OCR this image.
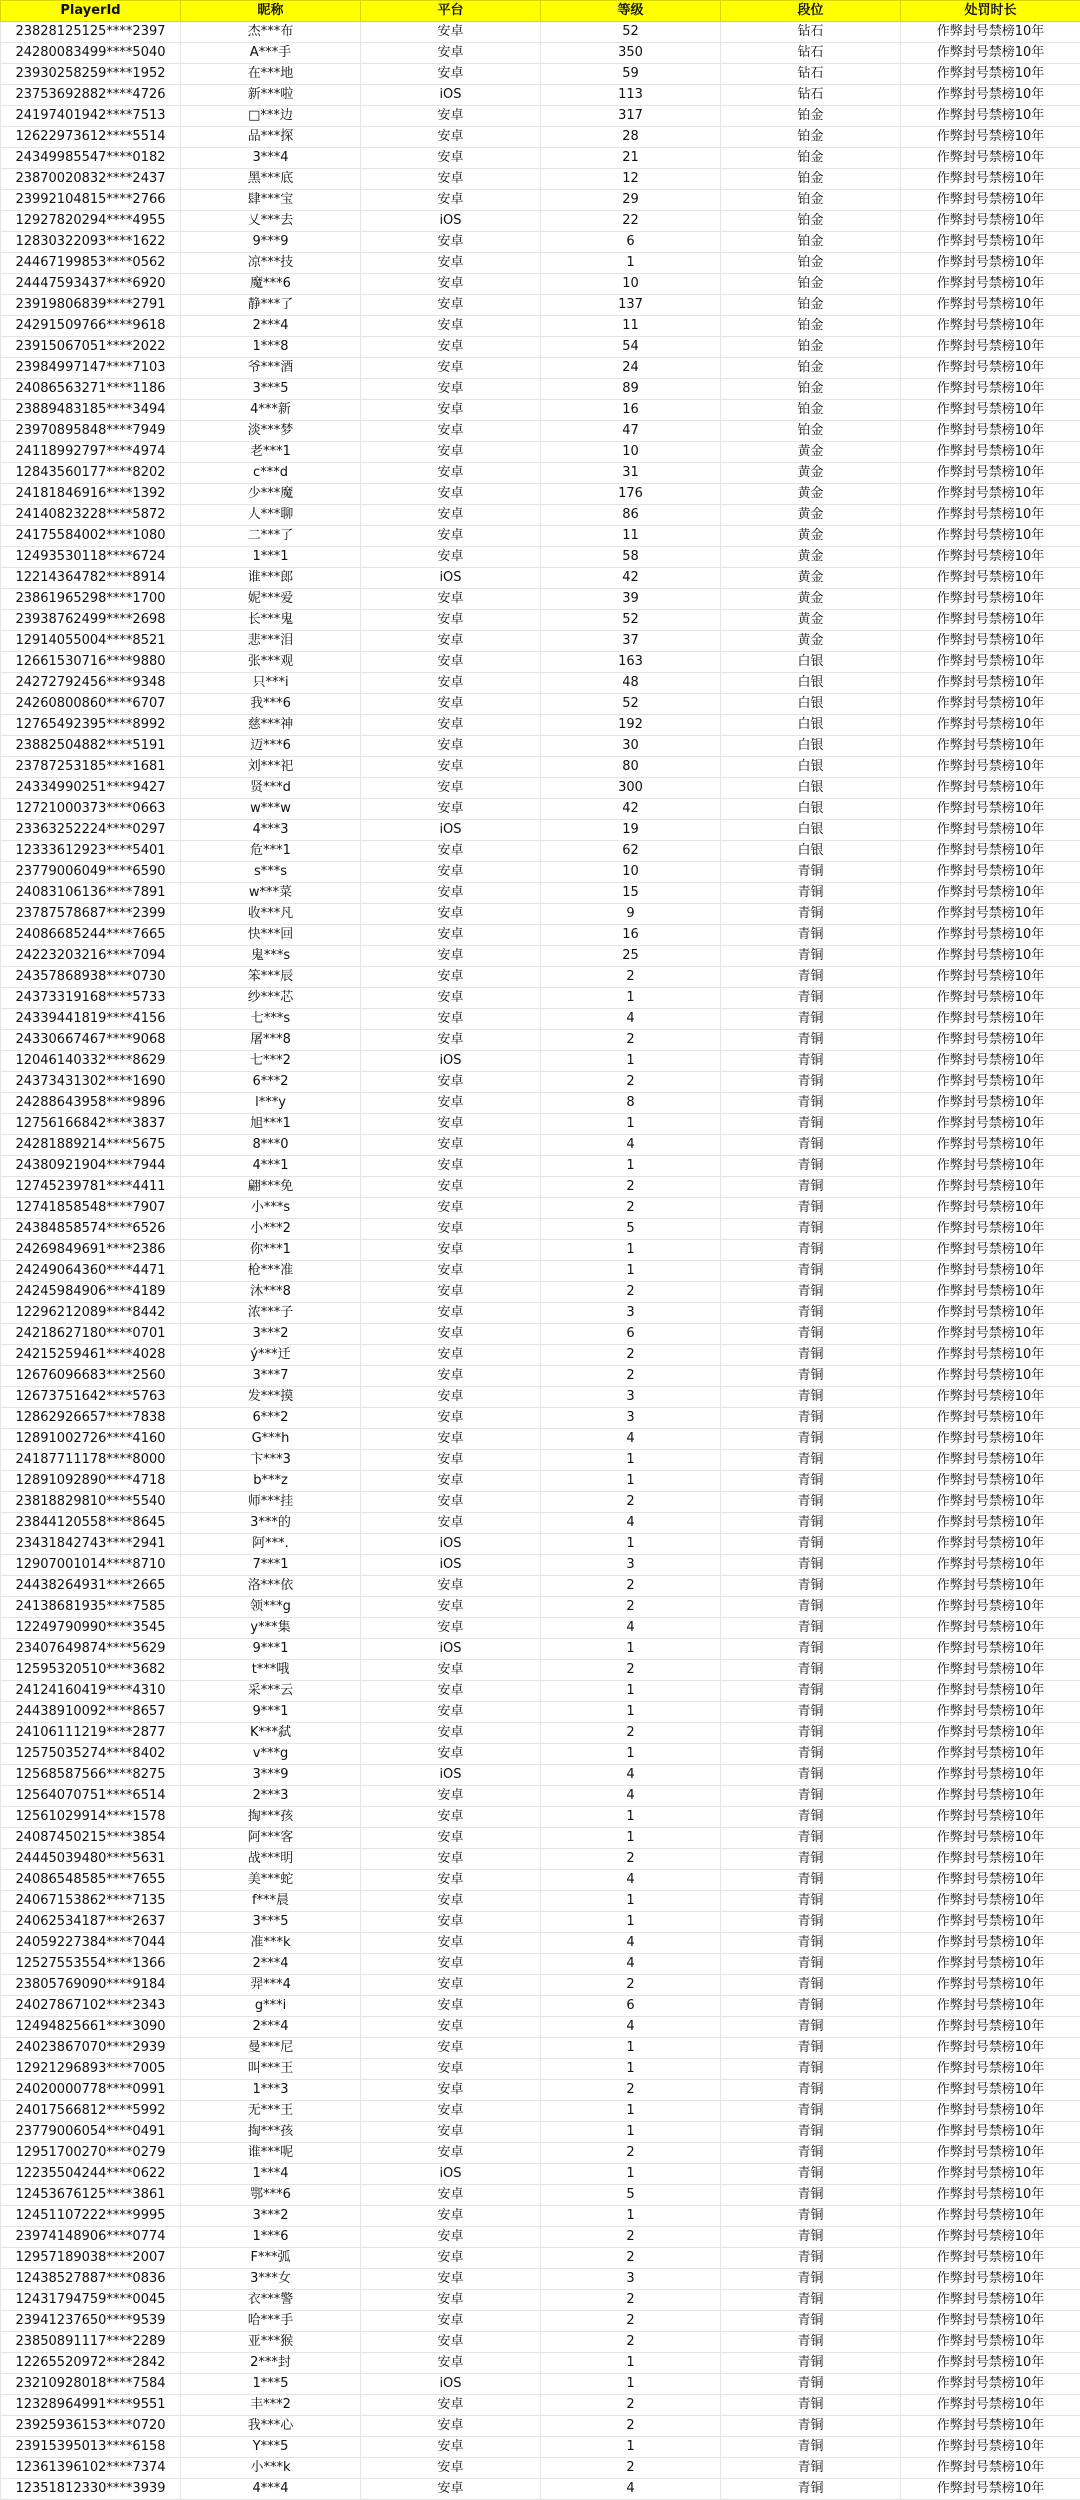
PlayerId	昵称	平台	等级	段位	处罚时长
23828125125****2397	杰***布	安卓	52	钻石	作弊封号禁榜10年
24280083499****5040	A***手	安卓	350	钻石	作弊封号禁榜10年
23930258259****1952	在***地	安卓	59	钻石	作弊封号禁榜10年
23753692882****4726	新***啦	iOS	113	钻石	作弊封号禁榜10年
24197401942****7513	□***边	安卓	317	铂金	作弊封号禁榜10年
12622973612****5514	品***探	安卓	28	铂金	作弊封号禁榜10年
24349985547****0182	3***4	安卓	21	铂金	作弊封号禁榜10年
23870020832****2437	黑***底	安卓	12	铂金	作弊封号禁榜10年
23992104815****2766	肆***宝	安卓	29	铂金	作弊封号禁榜10年
12927820294****4955	乂***去	iOS	22	铂金	作弊封号禁榜10年
12830322093****1622	9***9	安卓	6	铂金	作弊封号禁榜10年
24467199853****0562	凉***技	安卓	1	铂金	作弊封号禁榜10年
24447593437****6920	魔***6	安卓	10	铂金	作弊封号禁榜10年
23919806839****2791	静***了	安卓	137	铂金	作弊封号禁榜10年
24291509766****9618	2***4	安卓	11	铂金	作弊封号禁榜10年
23915067051****2022	1***8	安卓	54	铂金	作弊封号禁榜10年
23984997147****7103	爷***酒	安卓	24	铂金	作弊封号禁榜10年
24086563271****1186	3***5	安卓	89	铂金	作弊封号禁榜10年
23889483185****3494	4***新	安卓	16	铂金	作弊封号禁榜10年
23970895848****7949	淡***梦	安卓	47	铂金	作弊封号禁榜10年
24118992797****4974	老***1	安卓	10	黄金	作弊封号禁榜10年
12843560177****8202	c***d	安卓	31	黄金	作弊封号禁榜10年
24181846916****1392	少***魔	安卓	176	黄金	作弊封号禁榜10年
24140823228****5872	人***聊	安卓	86	黄金	作弊封号禁榜10年
24175584002****1080	二***了	安卓	11	黄金	作弊封号禁榜10年
12493530118****6724	1***1	安卓	58	黄金	作弊封号禁榜10年
12214364782****8914	谁***郎	iOS	42	黄金	作弊封号禁榜10年
23861965298****1700	妮***爱	安卓	39	黄金	作弊封号禁榜10年
23938762499****2698	长***鬼	安卓	52	黄金	作弊封号禁榜10年
12914055004****8521	悲***泪	安卓	37	黄金	作弊封号禁榜10年
12661530716****9880	张***观	安卓	163	白银	作弊封号禁榜10年
24272792456****9348	只***i	安卓	48	白银	作弊封号禁榜10年
24260800860****6707	我***6	安卓	52	白银	作弊封号禁榜10年
12765492395****8992	慈***神	安卓	192	白银	作弊封号禁榜10年
23882504882****5191	迈***6	安卓	30	白银	作弊封号禁榜10年
23787253185****1681	刘***祀	安卓	80	白银	作弊封号禁榜10年
24334990251****9427	贤***d	安卓	300	白银	作弊封号禁榜10年
12721000373****0663	w***w	安卓	42	白银	作弊封号禁榜10年
23363252224****0297	4***3	iOS	19	白银	作弊封号禁榜10年
12333612923****5401	危***1	安卓	62	白银	作弊封号禁榜10年
23779006049****6590	s***s	安卓	10	青铜	作弊封号禁榜10年
24083106136****7891	w***菜	安卓	15	青铜	作弊封号禁榜10年
23787578687****2399	收***凡	安卓	9	青铜	作弊封号禁榜10年
24086685244****7665	快***回	安卓	16	青铜	作弊封号禁榜10年
24223203216****7094	鬼***s	安卓	25	青铜	作弊封号禁榜10年
24357868938****0730	笨***辰	安卓	2	青铜	作弊封号禁榜10年
24373319168****5733	纱***芯	安卓	1	青铜	作弊封号禁榜10年
24339441819****4156	七***s	安卓	4	青铜	作弊封号禁榜10年
24330667467****9068	屠***8	安卓	2	青铜	作弊封号禁榜10年
12046140332****8629	七***2	iOS	1	青铜	作弊封号禁榜10年
24373431302****1690	6***2	安卓	2	青铜	作弊封号禁榜10年
24288643958****9896	l***y	安卓	8	青铜	作弊封号禁榜10年
12756166842****3837	旭***1	安卓	1	青铜	作弊封号禁榜10年
24281889214****5675	8***0	安卓	4	青铜	作弊封号禁榜10年
24380921904****7944	4***1	安卓	1	青铜	作弊封号禁榜10年
12745239781****4411	翩***免	安卓	2	青铜	作弊封号禁榜10年
12741858548****7907	小***s	安卓	2	青铜	作弊封号禁榜10年
24384858574****6526	小***2	安卓	5	青铜	作弊封号禁榜10年
24269849691****2386	你***1	安卓	1	青铜	作弊封号禁榜10年
24249064360****4471	枪***准	安卓	1	青铜	作弊封号禁榜10年
24245984906****4189	沐***8	安卓	2	青铜	作弊封号禁榜10年
12296212089****8442	浓***子	安卓	3	青铜	作弊封号禁榜10年
24218627180****0701	3***2	安卓	6	青铜	作弊封号禁榜10年
24215259461****4028	ý***迁	安卓	2	青铜	作弊封号禁榜10年
12676096683****2560	3***7	安卓	2	青铜	作弊封号禁榜10年
12673751642****5763	发***摸	安卓	3	青铜	作弊封号禁榜10年
12862926657****7838	6***2	安卓	3	青铜	作弊封号禁榜10年
12891002726****4160	G***h	安卓	4	青铜	作弊封号禁榜10年
24187711178****8000	卞***3	安卓	1	青铜	作弊封号禁榜10年
12891092890****4718	b***z	安卓	1	青铜	作弊封号禁榜10年
23818829810****5540	师***挂	安卓	2	青铜	作弊封号禁榜10年
23844120558****8645	3***的	安卓	4	青铜	作弊封号禁榜10年
23431842743****2941	阿***.	iOS	1	青铜	作弊封号禁榜10年
12907001014****8710	7***1	iOS	3	青铜	作弊封号禁榜10年
24438264931****2665	洛***依	安卓	2	青铜	作弊封号禁榜10年
24138681935****7585	领***g	安卓	2	青铜	作弊封号禁榜10年
12249790990****3545	y***集	安卓	4	青铜	作弊封号禁榜10年
23407649874****5629	9***1	iOS	1	青铜	作弊封号禁榜10年
12595320510****3682	t***哦	安卓	2	青铜	作弊封号禁榜10年
24124160419****4310	采***云	安卓	1	青铜	作弊封号禁榜10年
24438910092****8657	9***1	安卓	1	青铜	作弊封号禁榜10年
24106111219****2877	K***弑	安卓	2	青铜	作弊封号禁榜10年
12575035274****8402	v***g	安卓	1	青铜	作弊封号禁榜10年
12568587566****8275	3***9	iOS	4	青铜	作弊封号禁榜10年
12564070751****6514	2***3	安卓	4	青铜	作弊封号禁榜10年
12561029914****1578	掏***孩	安卓	1	青铜	作弊封号禁榜10年
24087450215****3854	阿***客	安卓	1	青铜	作弊封号禁榜10年
24445039480****5631	战***明	安卓	2	青铜	作弊封号禁榜10年
24086548585****7655	美***蛇	安卓	4	青铜	作弊封号禁榜10年
24067153862****7135	f***晨	安卓	1	青铜	作弊封号禁榜10年
24062534187****2637	3***5	安卓	1	青铜	作弊封号禁榜10年
24059227384****7044	准***k	安卓	4	青铜	作弊封号禁榜10年
12527553554****1366	2***4	安卓	4	青铜	作弊封号禁榜10年
23805769090****9184	羿***4	安卓	2	青铜	作弊封号禁榜10年
24027867102****2343	g***i	安卓	6	青铜	作弊封号禁榜10年
12494825661****3090	2***4	安卓	4	青铜	作弊封号禁榜10年
24023867070****2939	曼***尼	安卓	1	青铜	作弊封号禁榜10年
12921296893****7005	叫***王	安卓	1	青铜	作弊封号禁榜10年
24020000778****0991	1***3	安卓	2	青铜	作弊封号禁榜10年
24017566812****5992	无***王	安卓	1	青铜	作弊封号禁榜10年
23779006054****0491	掏***孩	安卓	1	青铜	作弊封号禁榜10年
12951700270****0279	谁***呢	安卓	2	青铜	作弊封号禁榜10年
12235504244****0622	1***4	iOS	1	青铜	作弊封号禁榜10年
12453676125****3861	鄂***6	安卓	5	青铜	作弊封号禁榜10年
12451107222****9995	3***2	安卓	1	青铜	作弊封号禁榜10年
23974148906****0774	1***6	安卓	2	青铜	作弊封号禁榜10年
12957189038****2007	F***弧	安卓	2	青铜	作弊封号禁榜10年
12438527887****0836	3***女	安卓	3	青铜	作弊封号禁榜10年
12431794759****0045	衣***警	安卓	2	青铜	作弊封号禁榜10年
23941237650****9539	哈***手	安卓	2	青铜	作弊封号禁榜10年
23850891117****2289	亚***猴	安卓	2	青铜	作弊封号禁榜10年
12265520972****2842	2***封	安卓	1	青铜	作弊封号禁榜10年
23210928018****7584	1***5	iOS	1	青铜	作弊封号禁榜10年
12328964991****9551	丰***2	安卓	2	青铜	作弊封号禁榜10年
23925936153****0720	我***心	安卓	2	青铜	作弊封号禁榜10年
23915395013****6158	Y***5	安卓	1	青铜	作弊封号禁榜10年
12361396102****7374	小***k	安卓	2	青铜	作弊封号禁榜10年
12351812330****3939	4***4	安卓	4	青铜	作弊封号禁榜10年
